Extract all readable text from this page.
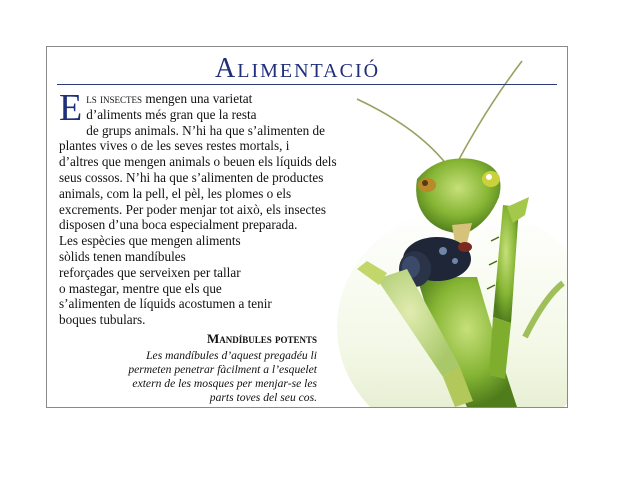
Alimentació
E ls insectes mengen una varietat
d’aliments més gran que la resta
de grups animals. N’hi ha que s’alimenten de
plantes vives o de les seves restes mortals, i
d’altres que mengen animals o beuen els líquids dels
seus cossos. N’hi ha que s’alimenten de productes
animals, com la pell, el pèl, les plomes o els
excrements. Per poder menjar tot això, els insectes
disposen d’una boca especialment preparada.
Les espècies que mengen aliments
sòlids tenen mandíbules
reforçades que serveixen per tallar
o mastegar, mentre que els que
s’alimenten de líquids acostumen a tenir
boques tubulars.
Mandíbules potents
Les mandíbules d’aquest pregadéu li
permeten penetrar fàcilment a l’esquelet
extern de les mosques per menjar-se les
parts toves del seu cos.
